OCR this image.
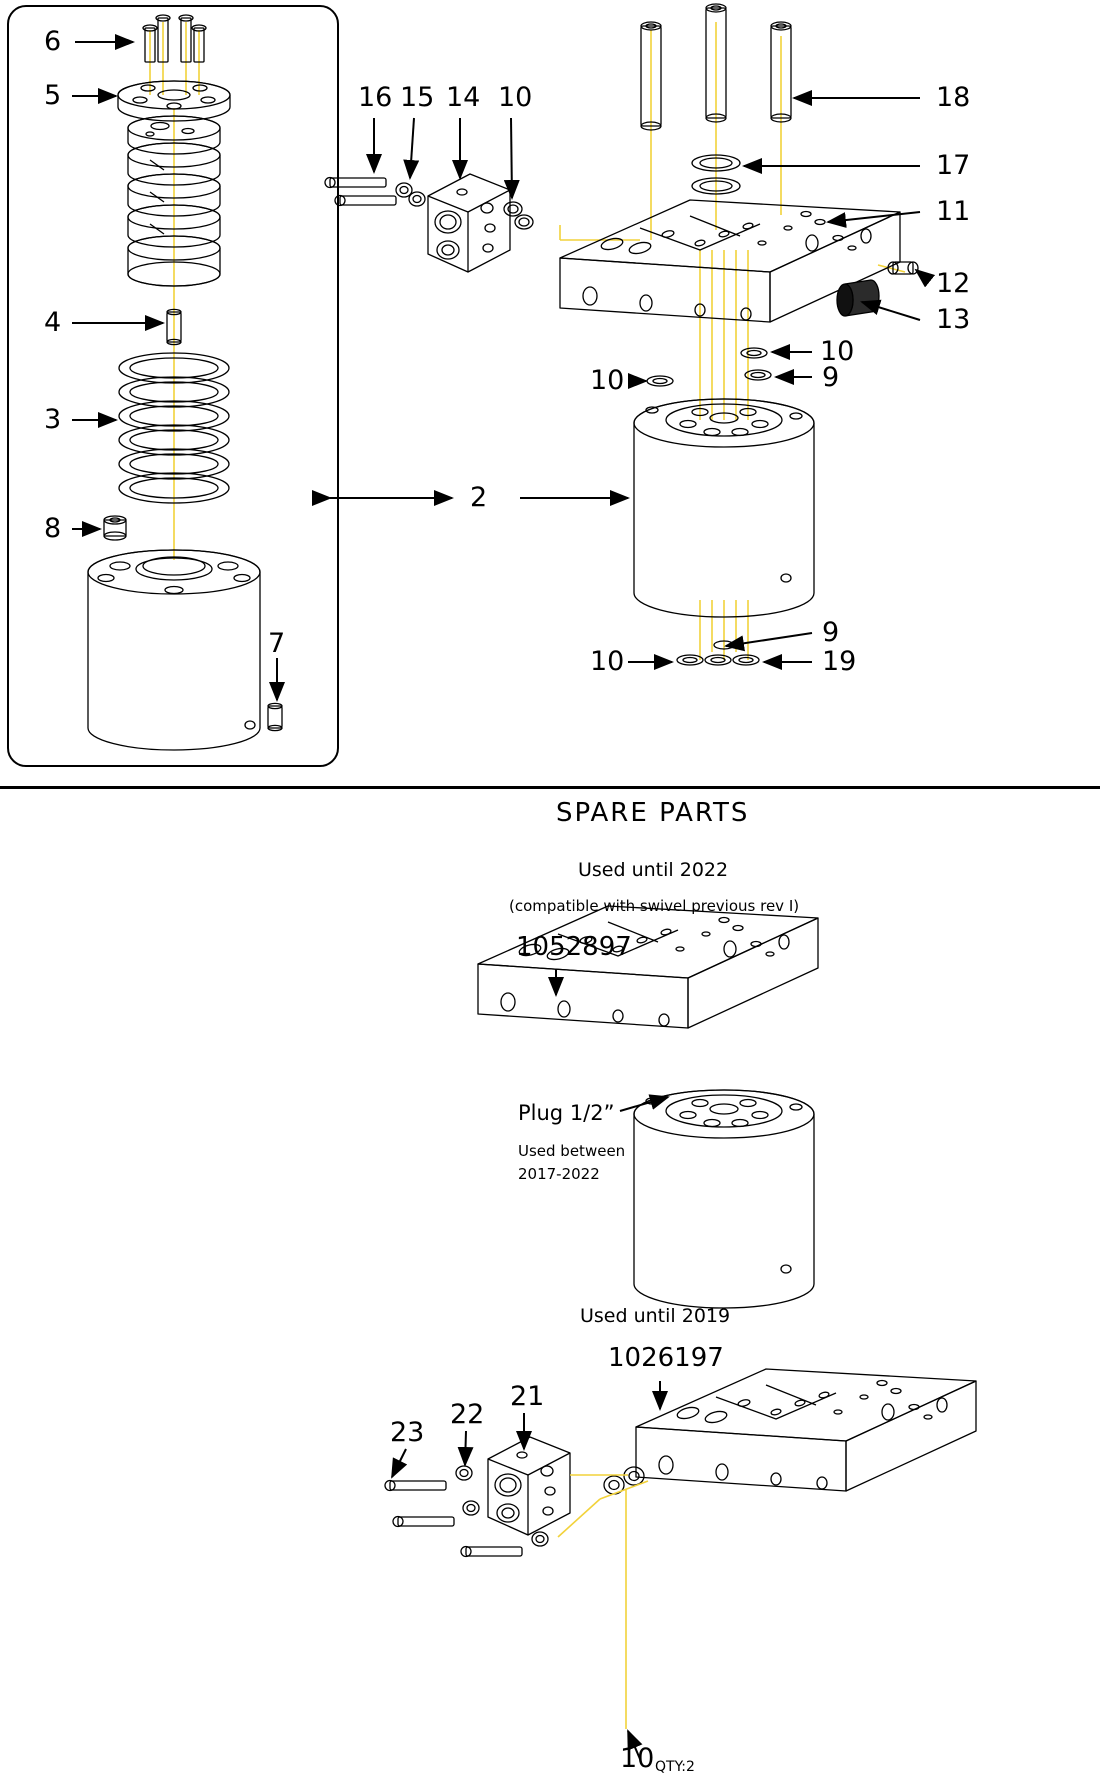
6
5
4
3
8
7
2
16 15 14 10	18
17
11
12
13
10
10	9
9
10	19
SPARE PARTS
Used until 2022
(compatible with swivel previous rev I)
1052897
Plug 1/2”
Used between
2017-2022
Used until 2019
1026197
23
22
21
10 QTY:2
